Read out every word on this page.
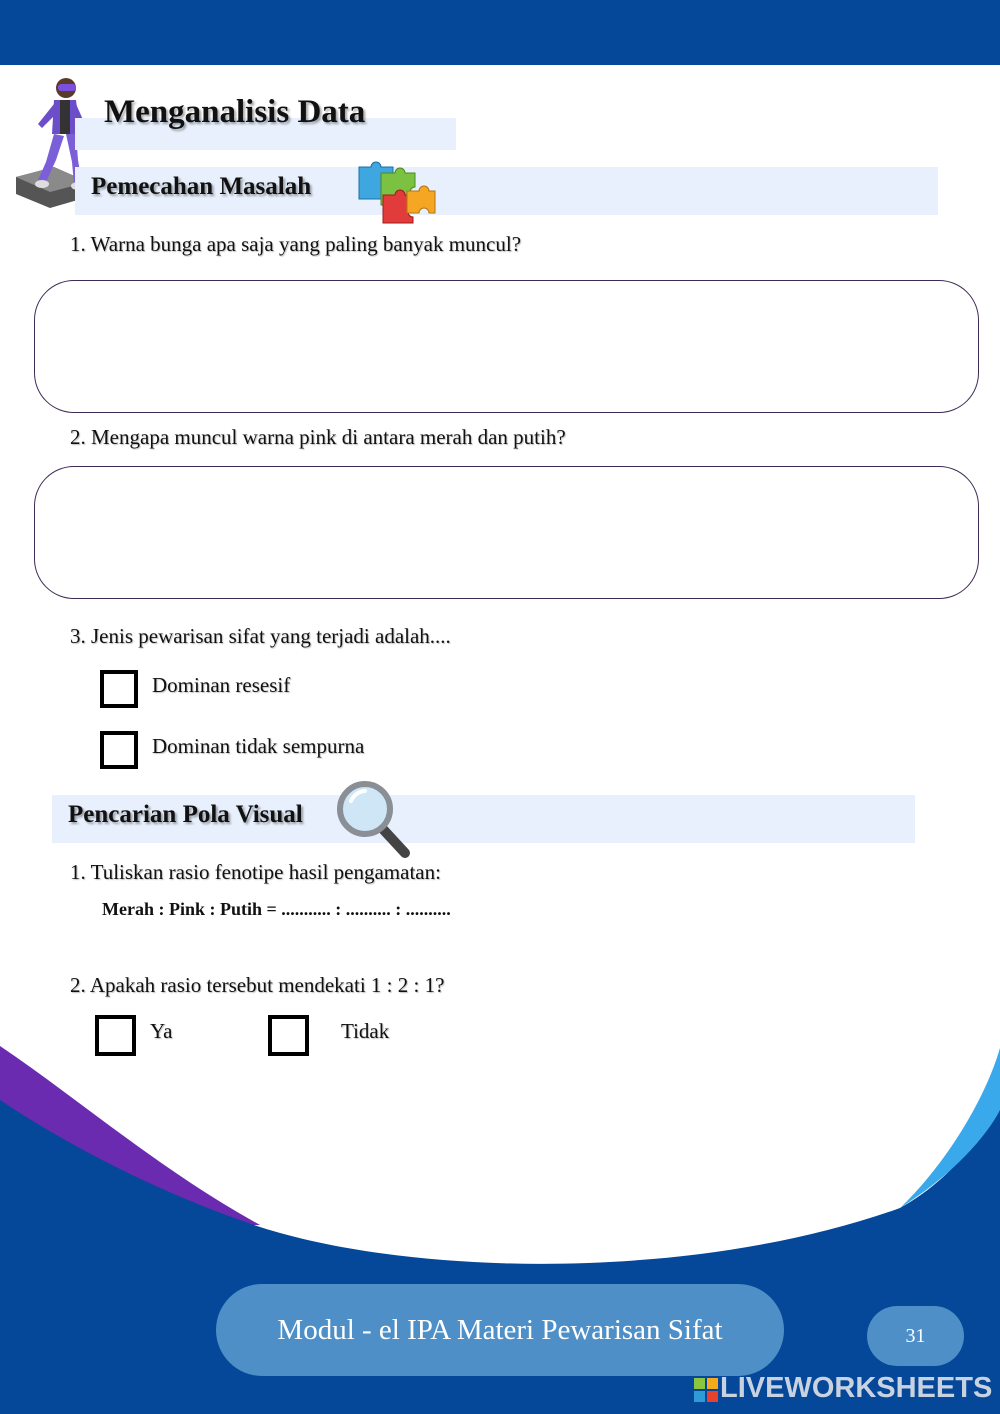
Menganalisis Data
Pemecahan Masalah
1. Warna bunga apa saja yang paling banyak muncul?
2. Mengapa muncul warna pink di antara merah dan putih?
3. Jenis pewarisan sifat yang terjadi adalah....
Dominan resesif
Dominan tidak sempurna
Pencarian Pola Visual
1. Tuliskan rasio fenotipe hasil pengamatan:
Merah : Pink : Putih = ........... : .......... : ..........
2. Apakah rasio tersebut mendekati 1 : 2 : 1?
Ya	Tidak
Modul - el IPA Materi Pewarisan Sifat	31
LIVEWORKSHEETS
